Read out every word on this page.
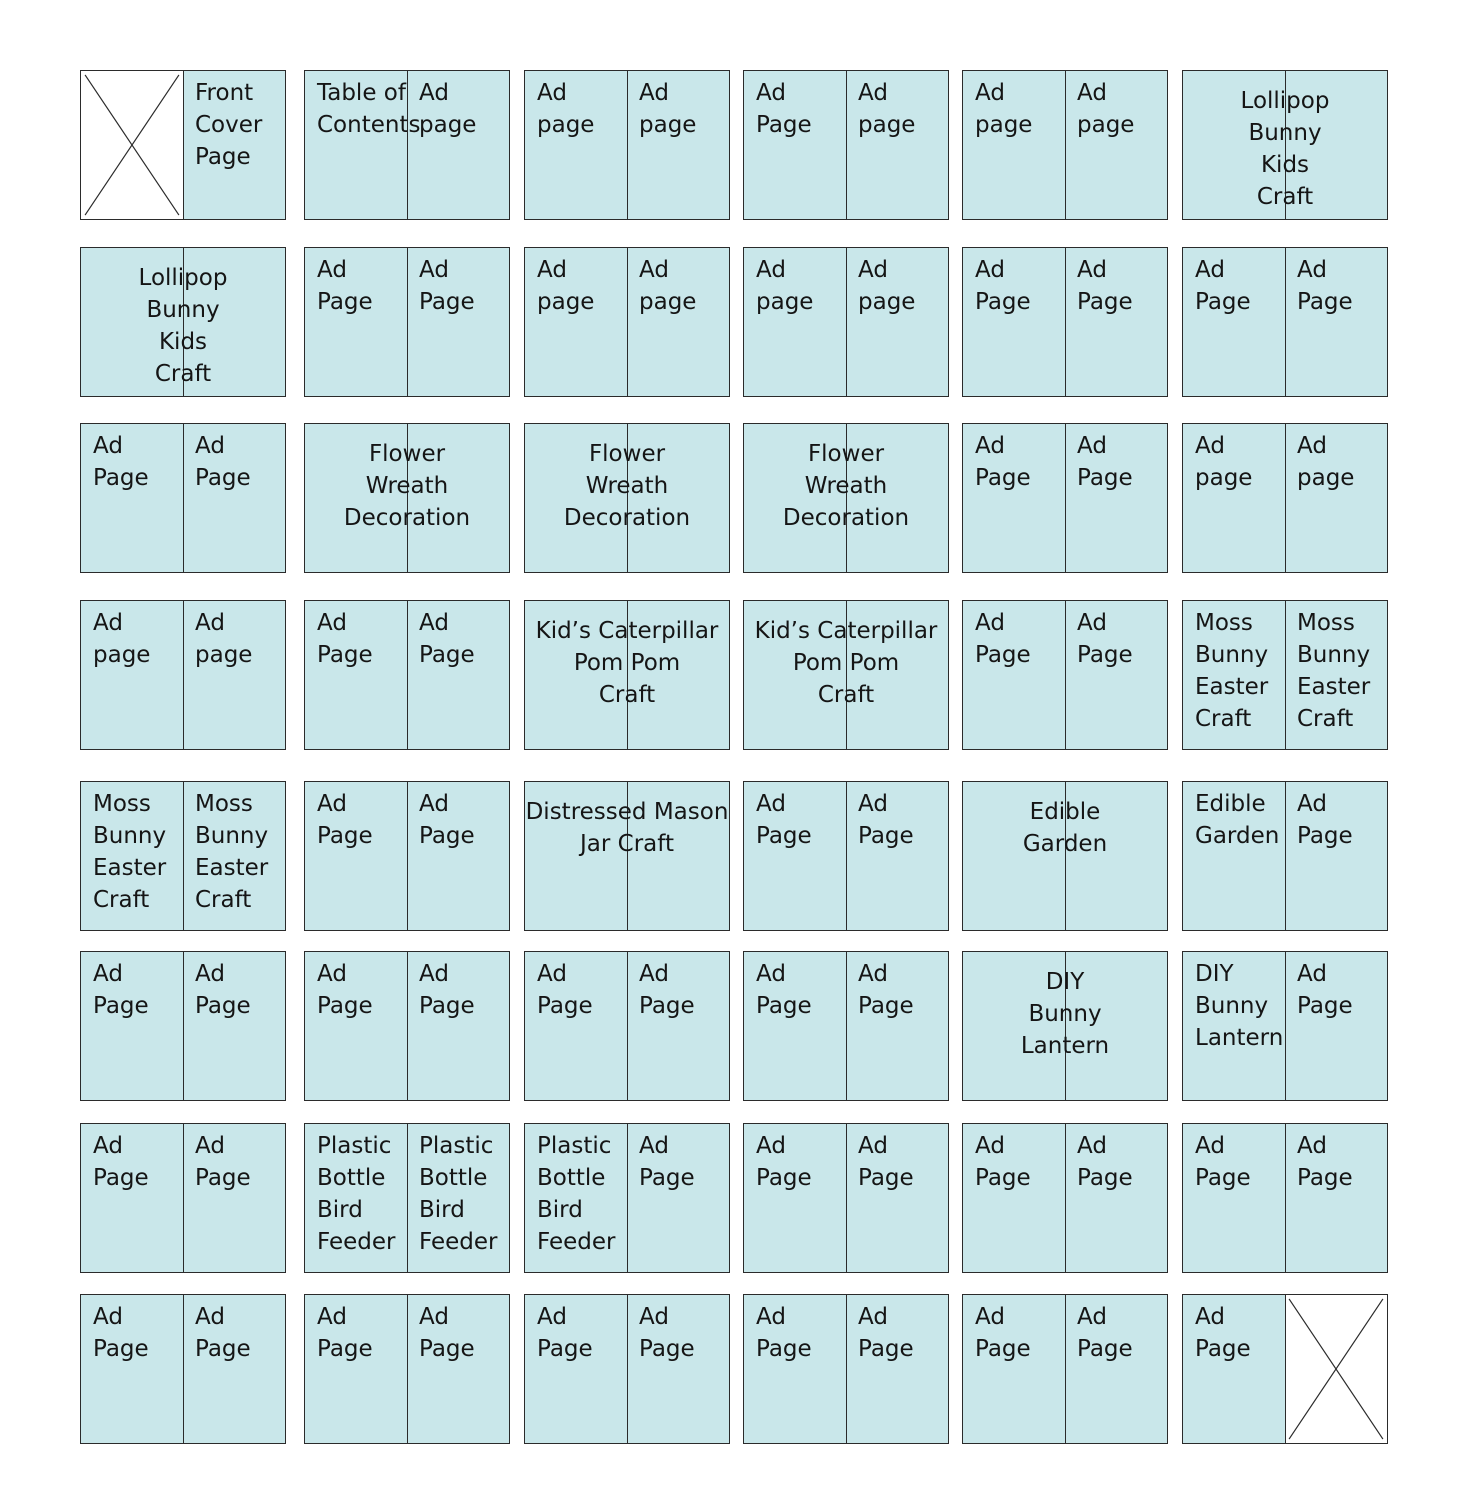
Front
Cover
Page
Table of
Contents
Ad
page
Ad
page
Ad
page
Ad
Page
Ad
page
Ad
page
Ad
page
Lollipop
Bunny
Kids
Craft
Lollipop
Bunny
Kids
Craft
Ad
Page
Ad
Page
Ad
page
Ad
page
Ad
page
Ad
page
Ad
Page
Ad
Page
Ad
Page
Ad
Page
Ad
Page
Ad
Page
Flower
Wreath
Decoration
Flower
Wreath
Decoration
Flower
Wreath
Decoration
Ad
Page
Ad
Page
Ad
page
Ad
page
Ad
page
Ad
page
Ad
Page
Ad
Page
Kid’s Caterpillar
Pom Pom
Craft
Kid’s Caterpillar
Pom Pom
Craft
Ad
Page
Ad
Page
Moss
Bunny
Easter
Craft
Moss
Bunny
Easter
Craft
Moss
Bunny
Easter
Craft
Moss
Bunny
Easter
Craft
Ad
Page
Ad
Page
Distressed Mason
Jar Craft
Ad
Page
Ad
Page
Edible
Garden
Edible
Garden
Ad
Page
Ad
Page
Ad
Page
Ad
Page
Ad
Page
Ad
Page
Ad
Page
Ad
Page
Ad
Page
DIY
Bunny
Lantern
DIY
Bunny
Lantern
Ad
Page
Ad
Page
Ad
Page
Plastic
Bottle
Bird
Feeder
Plastic
Bottle
Bird
Feeder
Plastic
Bottle
Bird
Feeder
Ad
Page
Ad
Page
Ad
Page
Ad
Page
Ad
Page
Ad
Page
Ad
Page
Ad
Page
Ad
Page
Ad
Page
Ad
Page
Ad
Page
Ad
Page
Ad
Page
Ad
Page
Ad
Page
Ad
Page
Ad
Page
